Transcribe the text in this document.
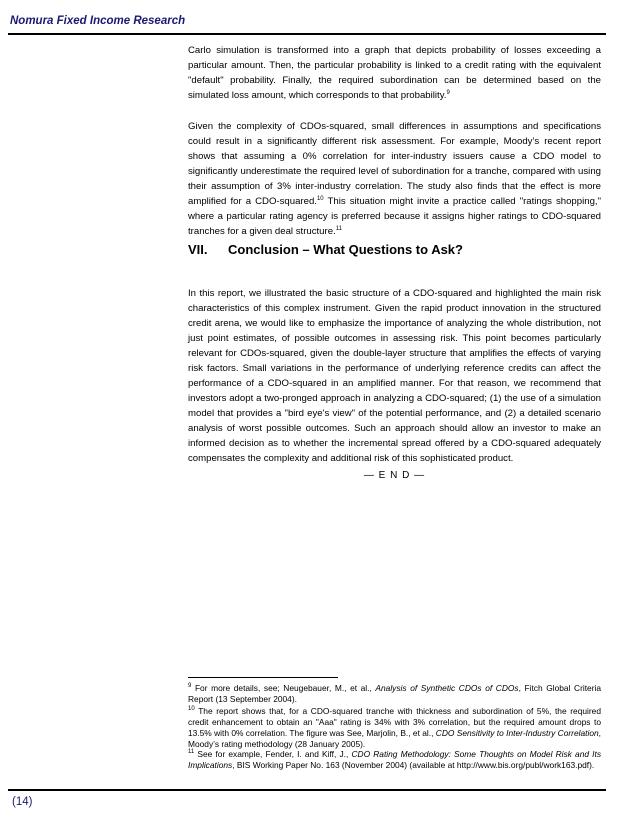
Nomura Fixed Income Research
Carlo simulation is transformed into a graph that depicts probability of losses exceeding a particular amount. Then, the particular probability is linked to a credit rating with the equivalent "default" probability. Finally, the required subordination can be determined based on the simulated loss amount, which corresponds to that probability.$^9$
Given the complexity of CDOs-squared, small differences in assumptions and specifications could result in a significantly different risk assessment. For example, Moody’s recent report shows that assuming a 0% correlation for inter-industry issuers cause a CDO model to significantly underestimate the required level of subordination for a tranche, compared with using their assumption of 3% inter-industry correlation. The study also finds that the effect is more amplified for a CDO-squared.$^{10}$ This situation might invite a practice called "ratings shopping," where a particular rating agency is preferred because it assigns higher ratings to CDO-squared tranches for a given deal structure.$^{11}$
VII. Conclusion – What Questions to Ask?
In this report, we illustrated the basic structure of a CDO-squared and highlighted the main risk characteristics of this complex instrument. Given the rapid product innovation in the structured credit arena, we would like to emphasize the importance of analyzing the whole distribution, not just point estimates, of possible outcomes in assessing risk. This point becomes particularly relevant for CDOs-squared, given the double-layer structure that amplifies the effects of varying risk factors. Small variations in the performance of underlying reference credits can affect the performance of a CDO-squared in an amplified manner. For that reason, we recommend that investors adopt a two-pronged approach in analyzing a CDO-squared; (1) the use of a simulation model that provides a "bird eye's view" of the potential performance, and (2) a detailed scenario analysis of worst possible outcomes. Such an approach should allow an investor to make an informed decision as to whether the incremental spread offered by a CDO-squared adequately compensates the complexity and additional risk of this sophisticated product.
— E N D —
$^9$ For more details, see; Neugebauer, M., et al., Analysis of Synthetic CDOs of CDOs, Fitch Global Criteria Report (13 September 2004).
$^{10}$ The report shows that, for a CDO-squared tranche with thickness and subordination of 5%, the required credit enhancement to obtain an "Aaa" rating is 34% with 3% correlation, but the required amount drops to 13.5% with 0% correlation. The figure was See, Marjolin, B., et al., CDO Sensitivity to Inter-Industry Correlation, Moody’s rating methodology (28 January 2005).
$^{11}$ See for example, Fender, I. and Kiff, J., CDO Rating Methodology: Some Thoughts on Model Risk and Its Implications, BIS Working Paper No. 163 (November 2004) (available at http://www.bis.org/publ/work163.pdf).
(14)
